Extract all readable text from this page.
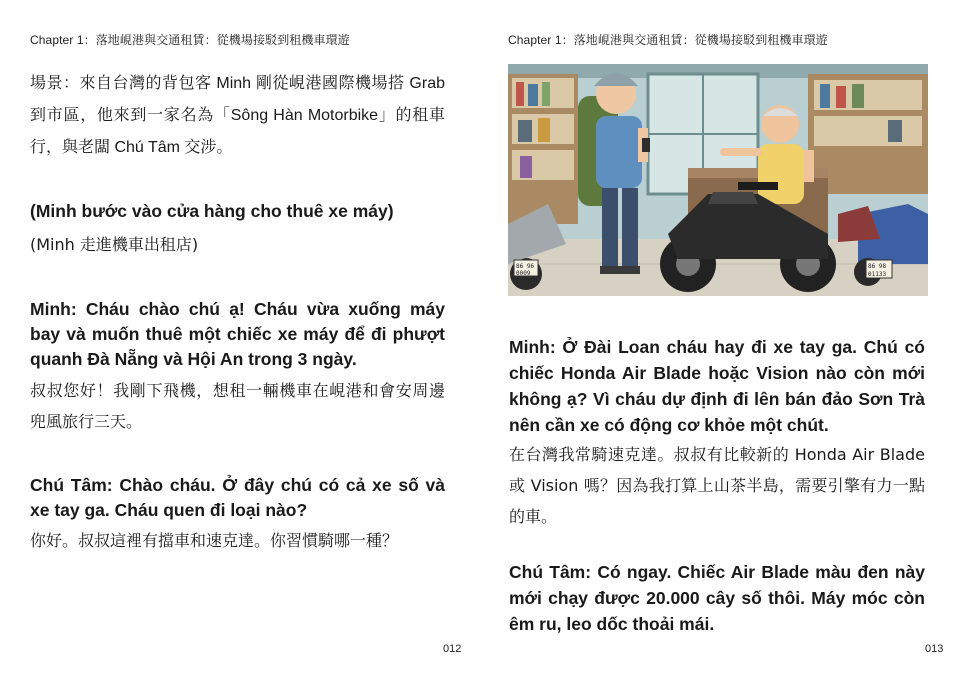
Chapter 1：落地峴港與交通租賃：從機場接駁到租機車環遊
場景：來自台灣的背包客 Minh 剛從峴港國際機場搭 Grab 到市區，他來到一家名為「Sông Hàn Motorbike」的租車行，與老闆 Chú Tâm 交涉。
(Minh bước vào cửa hàng cho thuê xe máy)
(Minh 走進機車出租店)
Minh: Cháu chào chú ạ! Cháu vừa xuống máy bay và muốn thuê một chiếc xe máy để đi phượt quanh Đà Nẵng và Hội An trong 3 ngày.
叔叔您好！我剛下飛機，想租一輛機車在峴港和會安周邊兜風旅行三天。
Chú Tâm: Chào cháu. Ở đây chú có cả xe số và xe tay ga. Cháu quen đi loại nào?
你好。叔叔這裡有擋車和速克達。你習慣騎哪一種？
012
Chapter 1：落地峴港與交通租賃：從機場接駁到租機車環遊
86 96
0009
86 98
01133
Minh: Ở Đài Loan cháu hay đi xe tay ga. Chú có chiếc Honda Air Blade hoặc Vision nào còn mới không ạ? Vì cháu dự định đi lên bán đảo Sơn Trà nên cần xe có động cơ khỏe một chút.
在台灣我常騎速克達。叔叔有比較新的 Honda Air Blade 或 Vision 嗎？因為我打算上山茶半島，需要引擎有力一點的車。
Chú Tâm: Có ngay. Chiếc Air Blade màu đen này mới chạy được 20.000 cây số thôi. Máy móc còn êm ru, leo dốc thoải mái.
013
